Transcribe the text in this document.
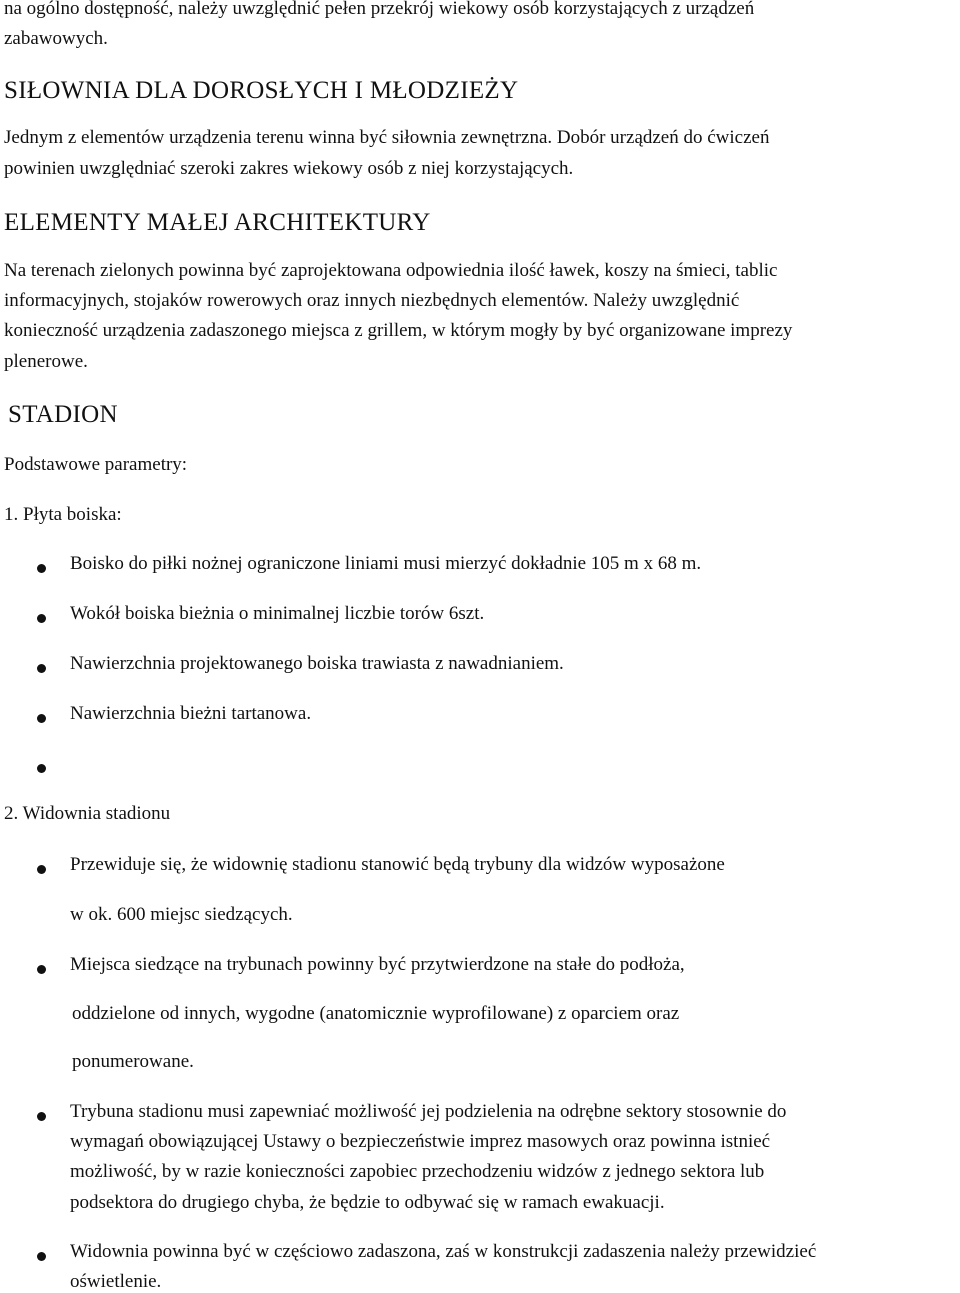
na ogólno dostępność, należy uwzględnić pełen przekrój wiekowy osób korzystających z urządzeń

zabawowych.

SIŁOWNIA DLA DOROSŁYCH I MŁODZIEŻY

Jednym z elementów urządzenia terenu winna być siłownia zewnętrzna. Dobór urządzeń do ćwiczeń

powinien uwzględniać szeroki zakres wiekowy osób z niej korzystających.

ELEMENTY MAŁEJ ARCHITEKTURY

Na terenach zielonych powinna być zaprojektowana odpowiednia ilość ławek, koszy na śmieci, tablic

informacyjnych, stojaków rowerowych oraz innych niezbędnych elementów. Należy uwzględnić

konieczność urządzenia zadaszonego miejsca z grillem, w którym mogły by być organizowane imprezy

plenerowe.

STADION

Podstawowe parametry:

1. Płyta boiska:

Boisko do piłki nożnej ograniczone liniami musi mierzyć dokładnie 105 m x 68 m.

Wokół boiska bieżnia o minimalnej liczbie torów 6szt.

Nawierzchnia projektowanego boiska trawiasta z nawadnianiem.

Nawierzchnia bieżni tartanowa.

2. Widownia stadionu

Przewiduje się, że widownię stadionu stanowić będą trybuny dla widzów wyposażone

w ok. 600 miejsc siedzących.

Miejsca siedzące na trybunach powinny być przytwierdzone na stałe do podłoża,

oddzielone od innych, wygodne (anatomicznie wyprofilowane) z oparciem oraz

ponumerowane.

Trybuna stadionu musi zapewniać możliwość jej podzielenia na odrębne sektory stosownie do

wymagań obowiązującej Ustawy o bezpieczeństwie imprez masowych oraz powinna istnieć

możliwość, by w razie konieczności zapobiec przechodzeniu widzów z jednego sektora lub

podsektora do drugiego chyba, że będzie to odbywać się w ramach ewakuacji.

Widownia powinna być w częściowo zadaszona, zaś w konstrukcji zadaszenia należy przewidzieć

oświetlenie.
